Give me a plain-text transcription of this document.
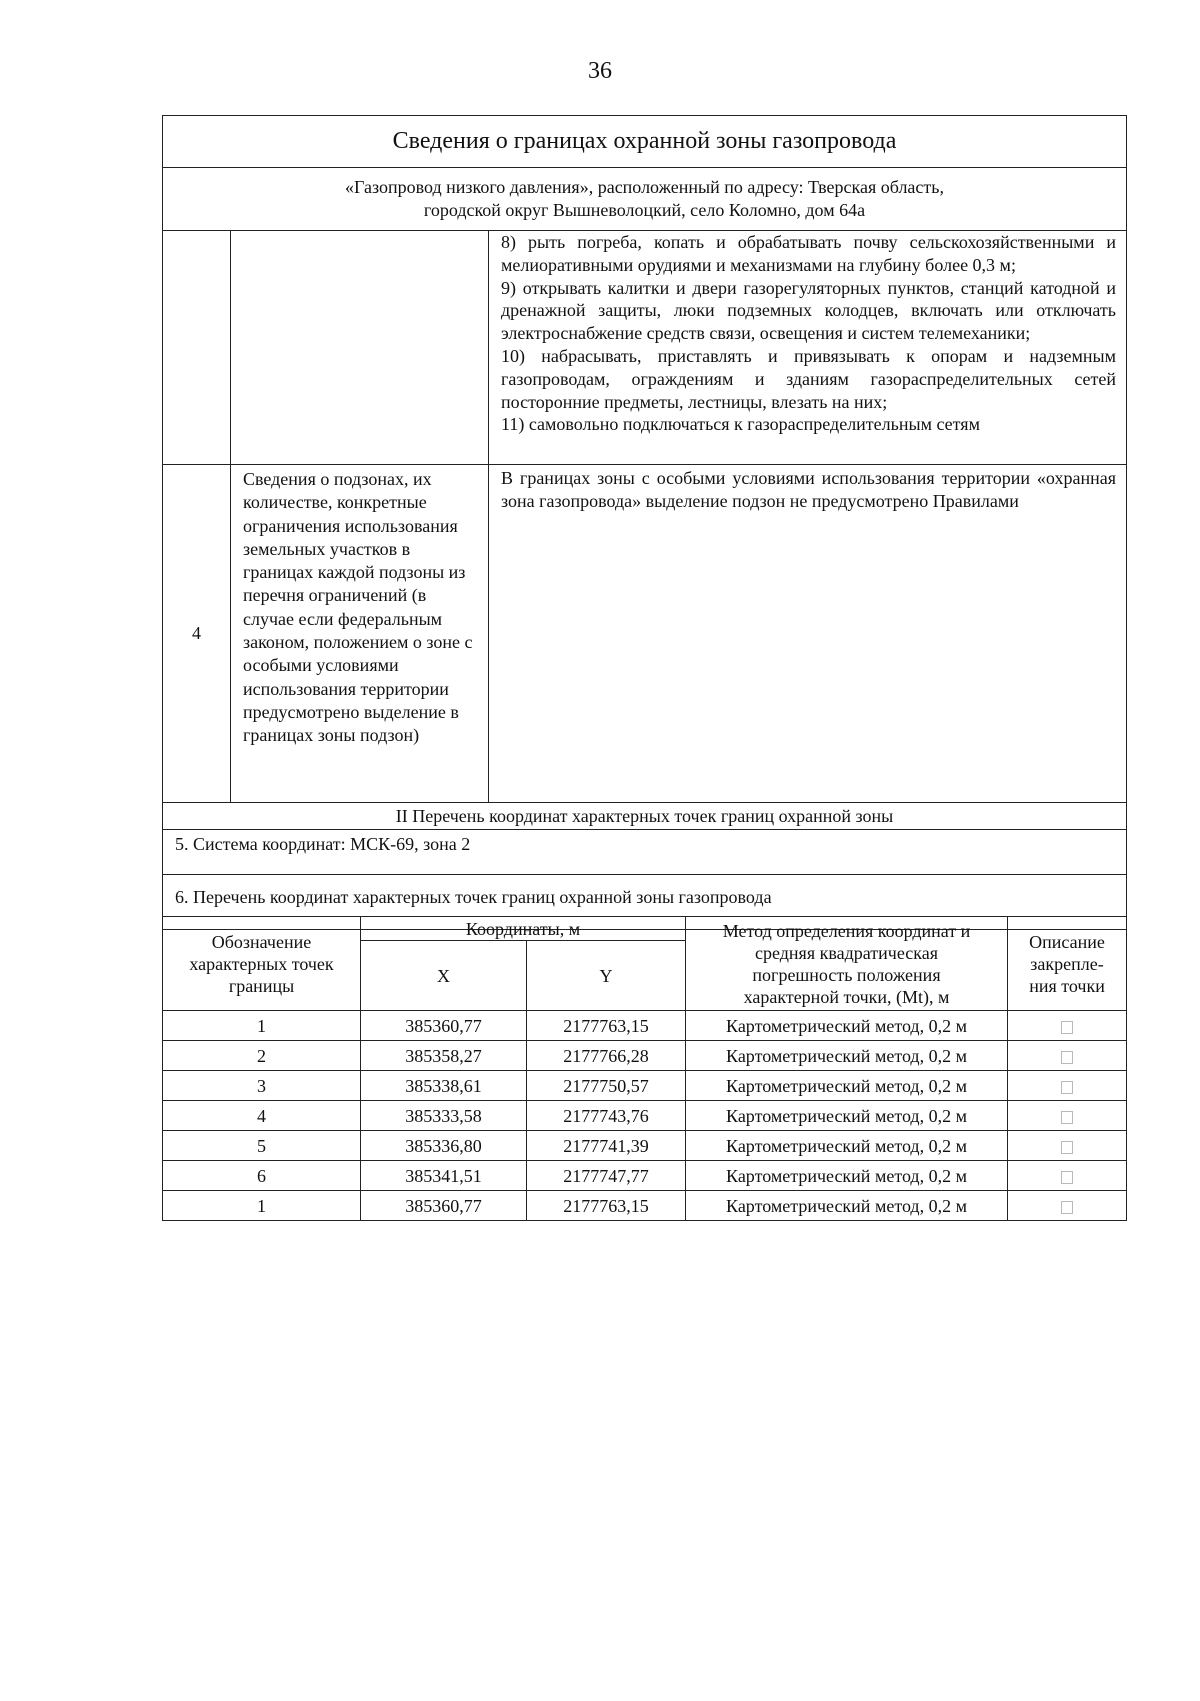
36
Сведения о границах охранной зоны газопровода		
«Газопровод низкого давления», расположенный по адресу: Тверская область,
городской округ Вышневолоцкий, село Коломно, дом 64а		

		8) рыть погреба, копать и обрабатывать почву сельскохозяйственными и мелиоративными орудиями и механизмами на глубину более 0,3 м;

9) открывать калитки и двери газорегуляторных пунктов, станций катодной и дренажной защиты, люки подземных колодцев, включать или отключать электроснабжение средств связи, освещения и систем телемеханики;

10) набрасывать, приставлять и привязывать к опорам и надземным газопроводам, ограждениям и зданиям газораспределительных сетей посторонние предметы, лестницы, влезать на них;

11) самовольно подключаться к газораспределительным сетям

4	Сведения о подзонах, их количестве, конкретные ограничения использования земельных участков в границах каждой подзоны из перечня ограничений (в случае если федеральным законом, положением о зоне с особыми условиями использования территории предусмотрено выделение в границах зоны подзон)	В границах зоны с особыми условиями использования территории «охранная зона газопровода» выделение подзон не предусмотрено Правилами
II Перечень координат характерных точек границ охранной зоны		
5. Система координат: МСК-69, зона 2		
6. Перечень координат характерных точек границ охранной зоны газопровода		
Обозначение характерных точек границы	Координаты, м		Метод определения координат и
средняя квадратическая
погрешность положения
характерной точки, (Mt), м	Описание закрепле-ния точки
	X	Y		
1	385360,77	2177763,15	Картометрический метод, 0,2 м	
2	385358,27	2177766,28	Картометрический метод, 0,2 м	
3	385338,61	2177750,57	Картометрический метод, 0,2 м	
4	385333,58	2177743,76	Картометрический метод, 0,2 м	
5	385336,80	2177741,39	Картометрический метод, 0,2 м	
6	385341,51	2177747,77	Картометрический метод, 0,2 м	
1	385360,77	2177763,15	Картометрический метод, 0,2 м	
